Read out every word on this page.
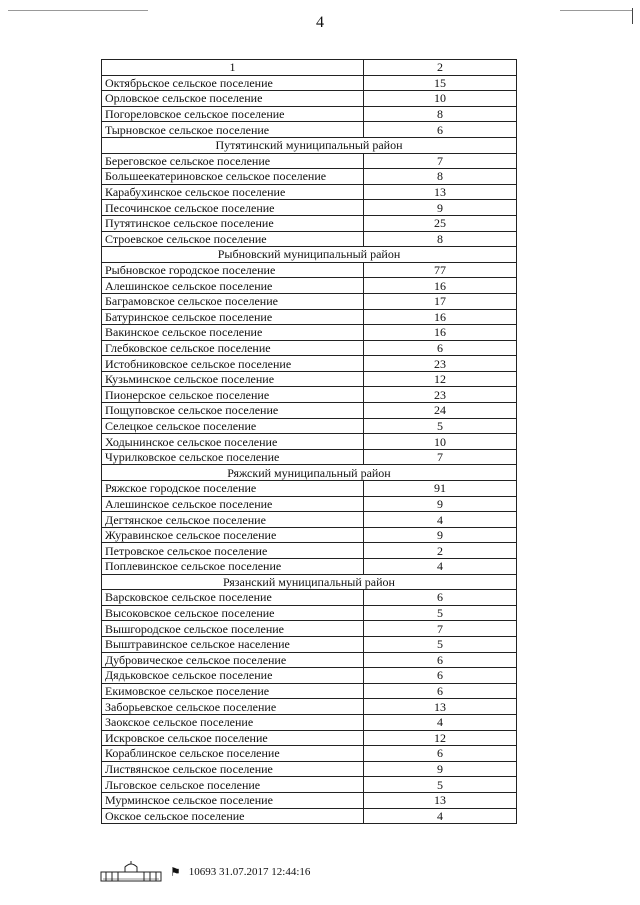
4
1	2
Октябрьское сельское поселение	15
Орловское сельское поселение	10
Погореловское сельское поселение	8
Тырновское сельское поселение	6
Путятинский муниципальный район	
Береговское сельское поселение	7
Большеекатериновское сельское поселение	8
Карабухинское сельское поселение	13
Песочинское сельское поселение	9
Путятинское сельское поселение	25
Строевское сельское поселение	8
Рыбновский муниципальный район	
Рыбновское городское поселение	77
Алешинское сельское поселение	16
Баграмовское сельское поселение	17
Батуринское сельское поселение	16
Вакинское сельское поселение	16
Глебковское сельское поселение	6
Истобниковское сельское поселение	23
Кузьминское сельское поселение	12
Пионерское сельское поселение	23
Пощуповское сельское поселение	24
Селецкое сельское поселение	5
Ходынинское сельское поселение	10
Чурилковское сельское поселение	7
Ряжский муниципальный район	
Ряжское городское поселение	91
Алешинское сельское поселение	9
Дегтянское сельское поселение	4
Журавинское сельское поселение	9
Петровское сельское поселение	2
Поплевинское сельское поселение	4
Рязанский муниципальный район	
Варсковское сельское поселение	6
Высоковское сельское поселение	5
Вышгородское сельское поселение	7
Выштравинское сельское население	5
Дубровическое сельское поселение	6
Дядьковское сельское поселение	6
Екимовское сельское поселение	6
Заборьевское сельское поселение	13
Заокское сельское поселение	4
Искровское сельское поселение	12
Кораблинское сельское поселение	6
Листвянское сельское поселение	9
Льговское сельское поселение	5
Мурминское сельское поселение	13
Окское сельское поселение	4
⚑ 10693 31.07.2017 12:44:16
